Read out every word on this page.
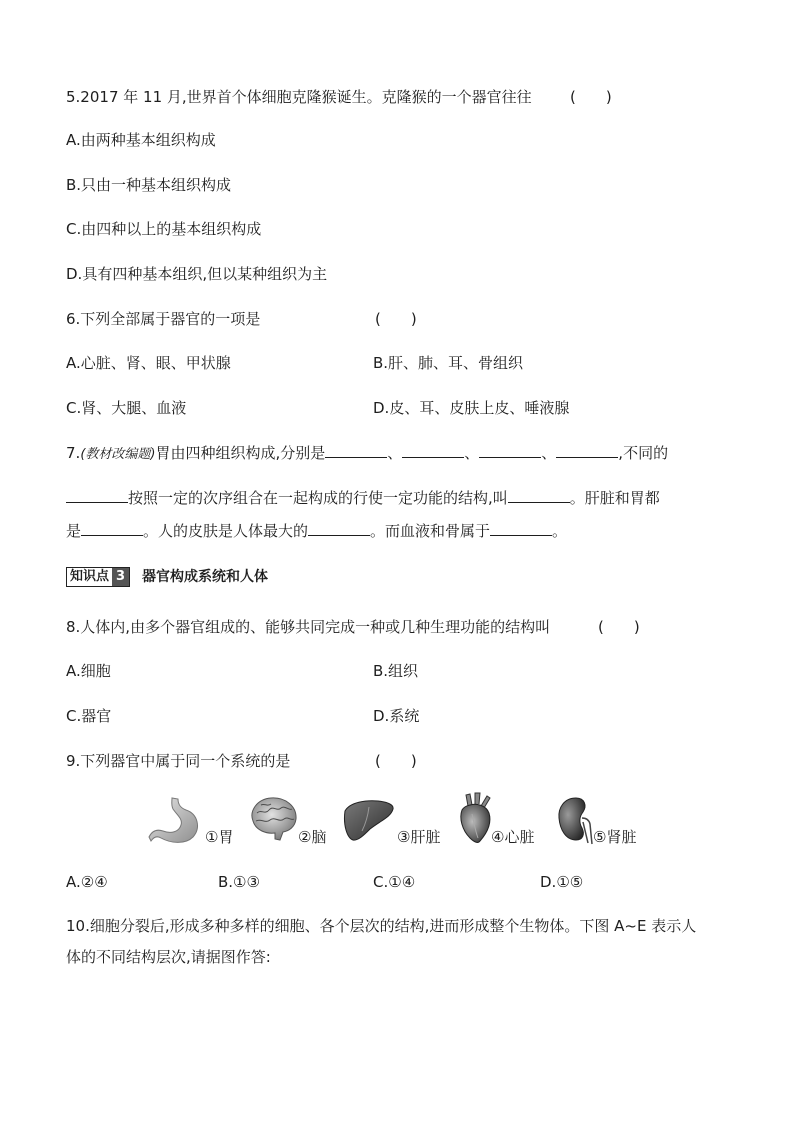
5.2017 年 11 月,世界首个体细胞克隆猴诞生。克隆猴的一个器官往往	(　　)
A.由两种基本组织构成
B.只由一种基本组织构成
C.由四种以上的基本组织构成
D.具有四种基本组织,但以某种组织为主
6.下列全部属于器官的一项是	(　　)
A.心脏、肾、眼、甲状腺	B.肝、肺、耳、骨组织
C.肾、大腿、血液	D.皮、耳、皮肤上皮、唾液腺
7.(教材改编题)胃由四种组织构成,分别是	、	、	、	,不同的
按照一定的次序组合在一起构成的行使一定功能的结构,叫	。肝脏和胃都
是	。人的皮肤是人体最大的	。而血液和骨属于	。
知识点 3 器官构成系统和人体
8.人体内,由多个器官组成的、能够共同完成一种或几种生理功能的结构叫	(　　)
A.细胞	B.组织
C.器官	D.系统
9.下列器官中属于同一个系统的是	(　　)
①胃	②脑	③肝脏	④心脏	⑤肾脏
A.②④	B.①③	C.①④	D.①⑤
10.细胞分裂后,形成多种多样的细胞、各个层次的结构,进而形成整个生物体。下图 A~E 表示人
体的不同结构层次,请据图作答:
